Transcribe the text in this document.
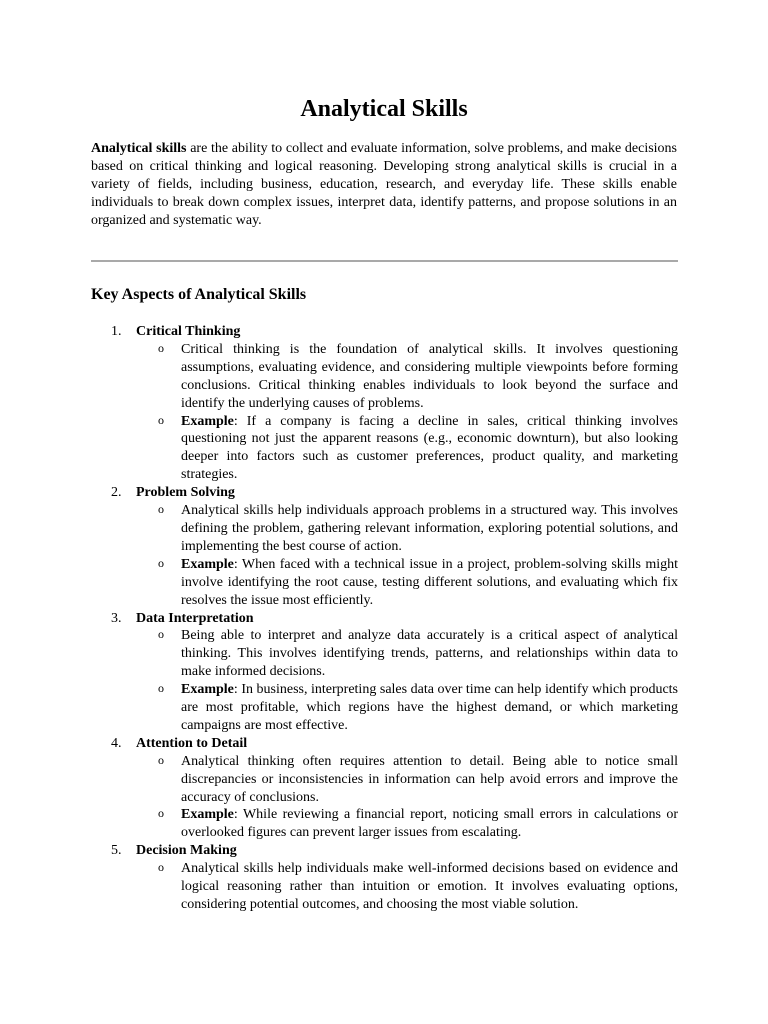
Analytical Skills

Analytical skills are the ability to collect and evaluate information, solve problems, and make decisions based on critical thinking and logical reasoning. Developing strong analytical skills is crucial in a variety of fields, including business, education, research, and everyday life. These skills enable individuals to break down complex issues, interpret data, identify patterns, and propose solutions in an organized and systematic way.

Key Aspects of Analytical Skills
1. Critical Thinking
o Critical thinking is the foundation of analytical skills. It involves questioning assumptions, evaluating evidence, and considering multiple viewpoints before forming conclusions. Critical thinking enables individuals to look beyond the surface and identify the underlying causes of problems.
o Example: If a company is facing a decline in sales, critical thinking involves questioning not just the apparent reasons (e.g., economic downturn), but also looking deeper into factors such as customer preferences, product quality, and marketing strategies.
2. Problem Solving
o Analytical skills help individuals approach problems in a structured way. This involves defining the problem, gathering relevant information, exploring potential solutions, and implementing the best course of action.
o Example: When faced with a technical issue in a project, problem-solving skills might involve identifying the root cause, testing different solutions, and evaluating which fix resolves the issue most efficiently.
3. Data Interpretation
o Being able to interpret and analyze data accurately is a critical aspect of analytical thinking. This involves identifying trends, patterns, and relationships within data to make informed decisions.
o Example: In business, interpreting sales data over time can help identify which products are most profitable, which regions have the highest demand, or which marketing campaigns are most effective.
4. Attention to Detail
o Analytical thinking often requires attention to detail. Being able to notice small discrepancies or inconsistencies in information can help avoid errors and improve the accuracy of conclusions.
o Example: While reviewing a financial report, noticing small errors in calculations or overlooked figures can prevent larger issues from escalating.
5. Decision Making
o Analytical skills help individuals make well-informed decisions based on evidence and logical reasoning rather than intuition or emotion. It involves evaluating options, considering potential outcomes, and choosing the most viable solution.
